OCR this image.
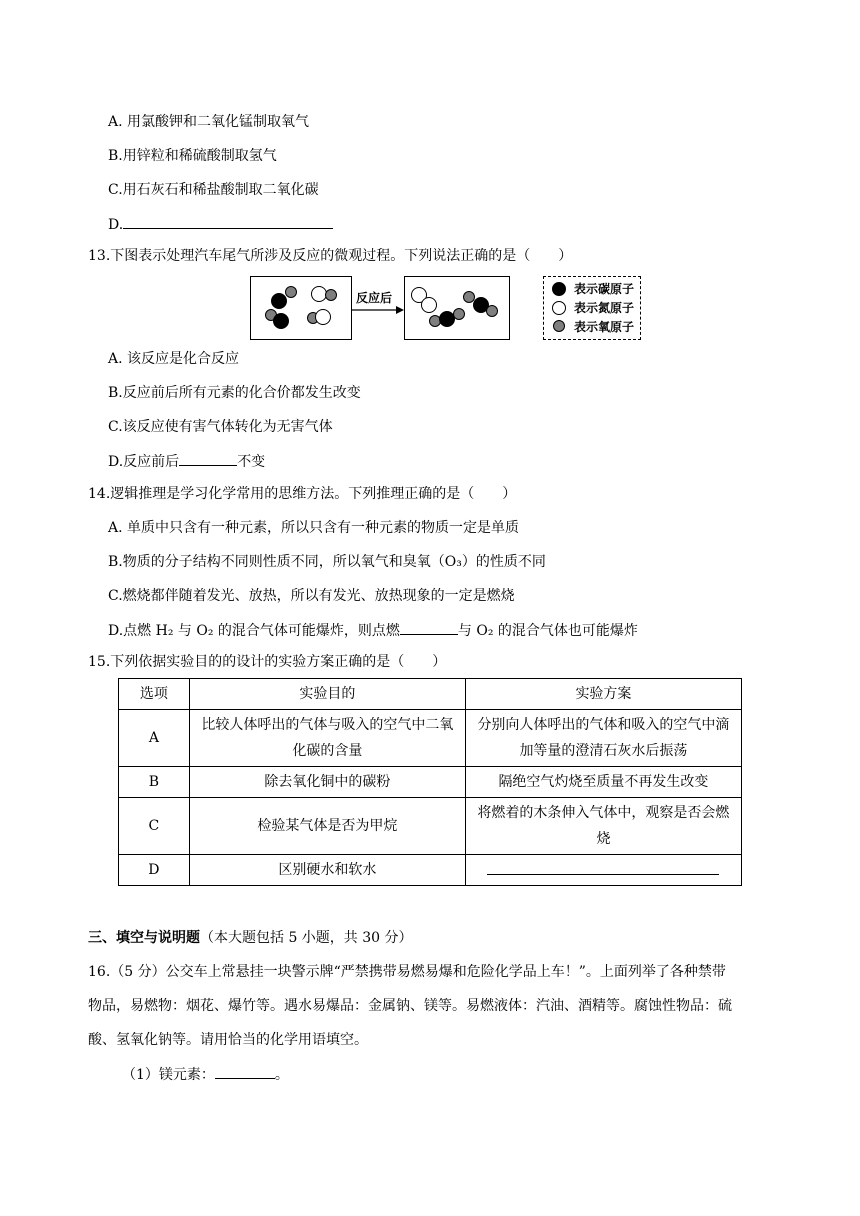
A. 用氯酸钾和二氧化锰制取氧气
B.用锌粒和稀硫酸制取氢气
C.用石灰石和稀盐酸制取二氧化碳
D.
13.下图表示处理汽车尾气所涉及反应的微观过程。下列说法正确的是（　　）
反应后
表示碳原子
表示氮原子
表示氧原子
A. 该反应是化合反应
B.反应前后所有元素的化合价都发生改变
C.该反应使有害气体转化为无害气体
D.反应前后	不变
14.逻辑推理是学习化学常用的思维方法。下列推理正确的是（　　）
A. 单质中只含有一种元素，所以只含有一种元素的物质一定是单质
B.物质的分子结构不同则性质不同，所以氧气和臭氧（O₃）的性质不同
C.燃烧都伴随着发光、放热，所以有发光、放热现象的一定是燃烧
D.点燃 H₂ 与 O₂ 的混合气体可能爆炸，则点燃	与 O₂ 的混合气体也可能爆炸
15.下列依据实验目的的设计的实验方案正确的是（　　）
选项	实验目的	实验方案
A	比较人体呼出的气体与吸入的空气中二氧化碳的含量	分别向人体呼出的气体和吸入的空气中滴加等量的澄清石灰水后振荡
B	除去氧化铜中的碳粉	隔绝空气灼烧至质量不再发生改变
C	检验某气体是否为甲烷	将燃着的木条伸入气体中，观察是否会燃烧
D	区别硬水和软水	
三、填空与说明题（本大题包括 5 小题，共 30 分）
16.（5 分）公交车上常悬挂一块警示牌“严禁携带易燃易爆和危险化学品上车！”。上面列举了各种禁带
物品，易燃物：烟花、爆竹等。遇水易爆品：金属钠、镁等。易燃液体：汽油、酒精等。腐蚀性物品：硫
酸、氢氧化钠等。请用恰当的化学用语填空。
（1）镁元素：	。
